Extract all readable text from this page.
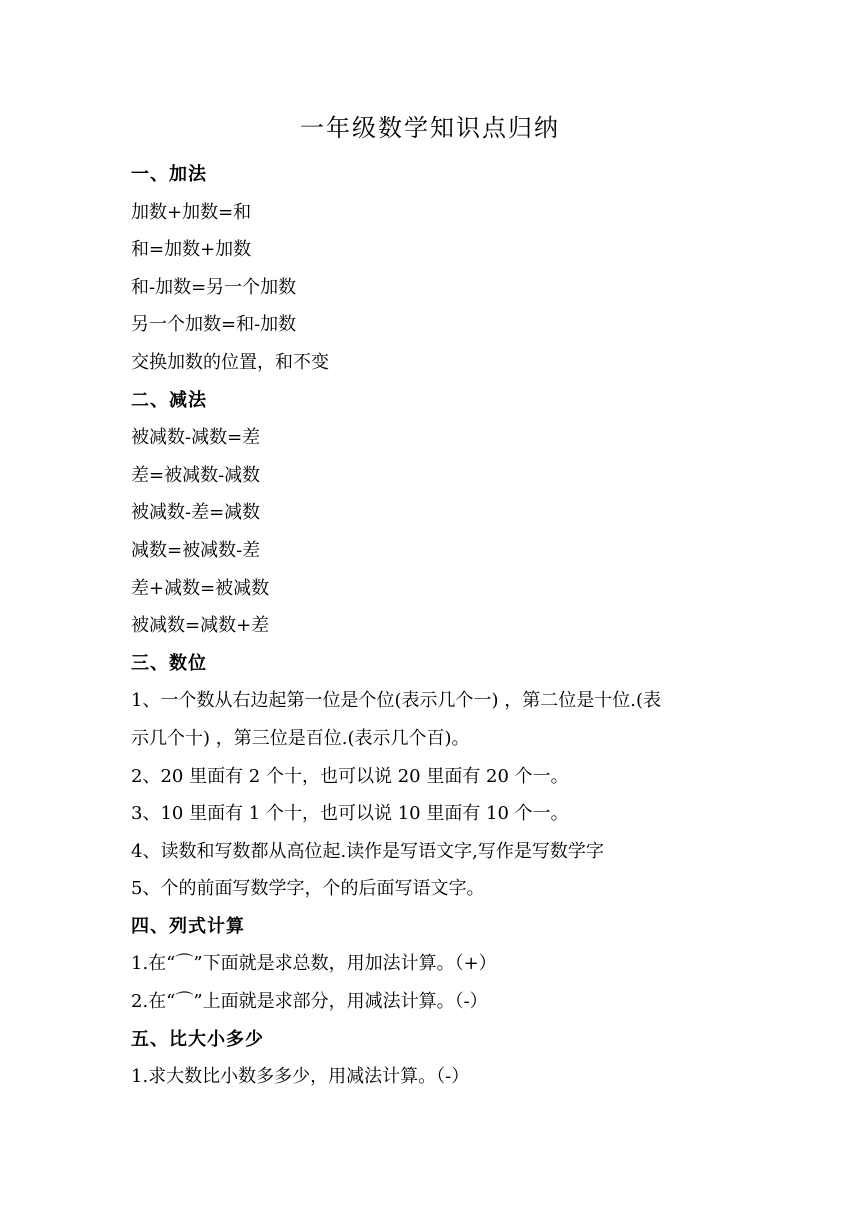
一年级数学知识点归纳

一、加法

加数+加数=和

和=加数+加数

和-加数=另一个加数

另一个加数=和-加数

交换加数的位置，和不变

二、减法

被减数-减数=差

差=被减数-减数

被减数-差=减数

减数=被减数-差

差+减数=被减数

被减数=减数+差

三、数位

1、一个数从右边起第一位是个位(表示几个一) ，第二位是十位.(表

示几个十) ，第三位是百位.(表示几个百)。

2、20 里面有 2 个十，也可以说 20 里面有 20 个一。

3、10 里面有 1 个十，也可以说 10 里面有 10 个一。

4、读数和写数都从高位起.读作是写语文字,写作是写数学字

5、个的前面写数学字，个的后面写语文字。

四、列式计算

1.在“⌒”下面就是求总数，用加法计算。（+）

2.在“⌒”上面就是求部分，用减法计算。（-）

五、比大小多少

1.求大数比小数多多少，用减法计算。（-）
